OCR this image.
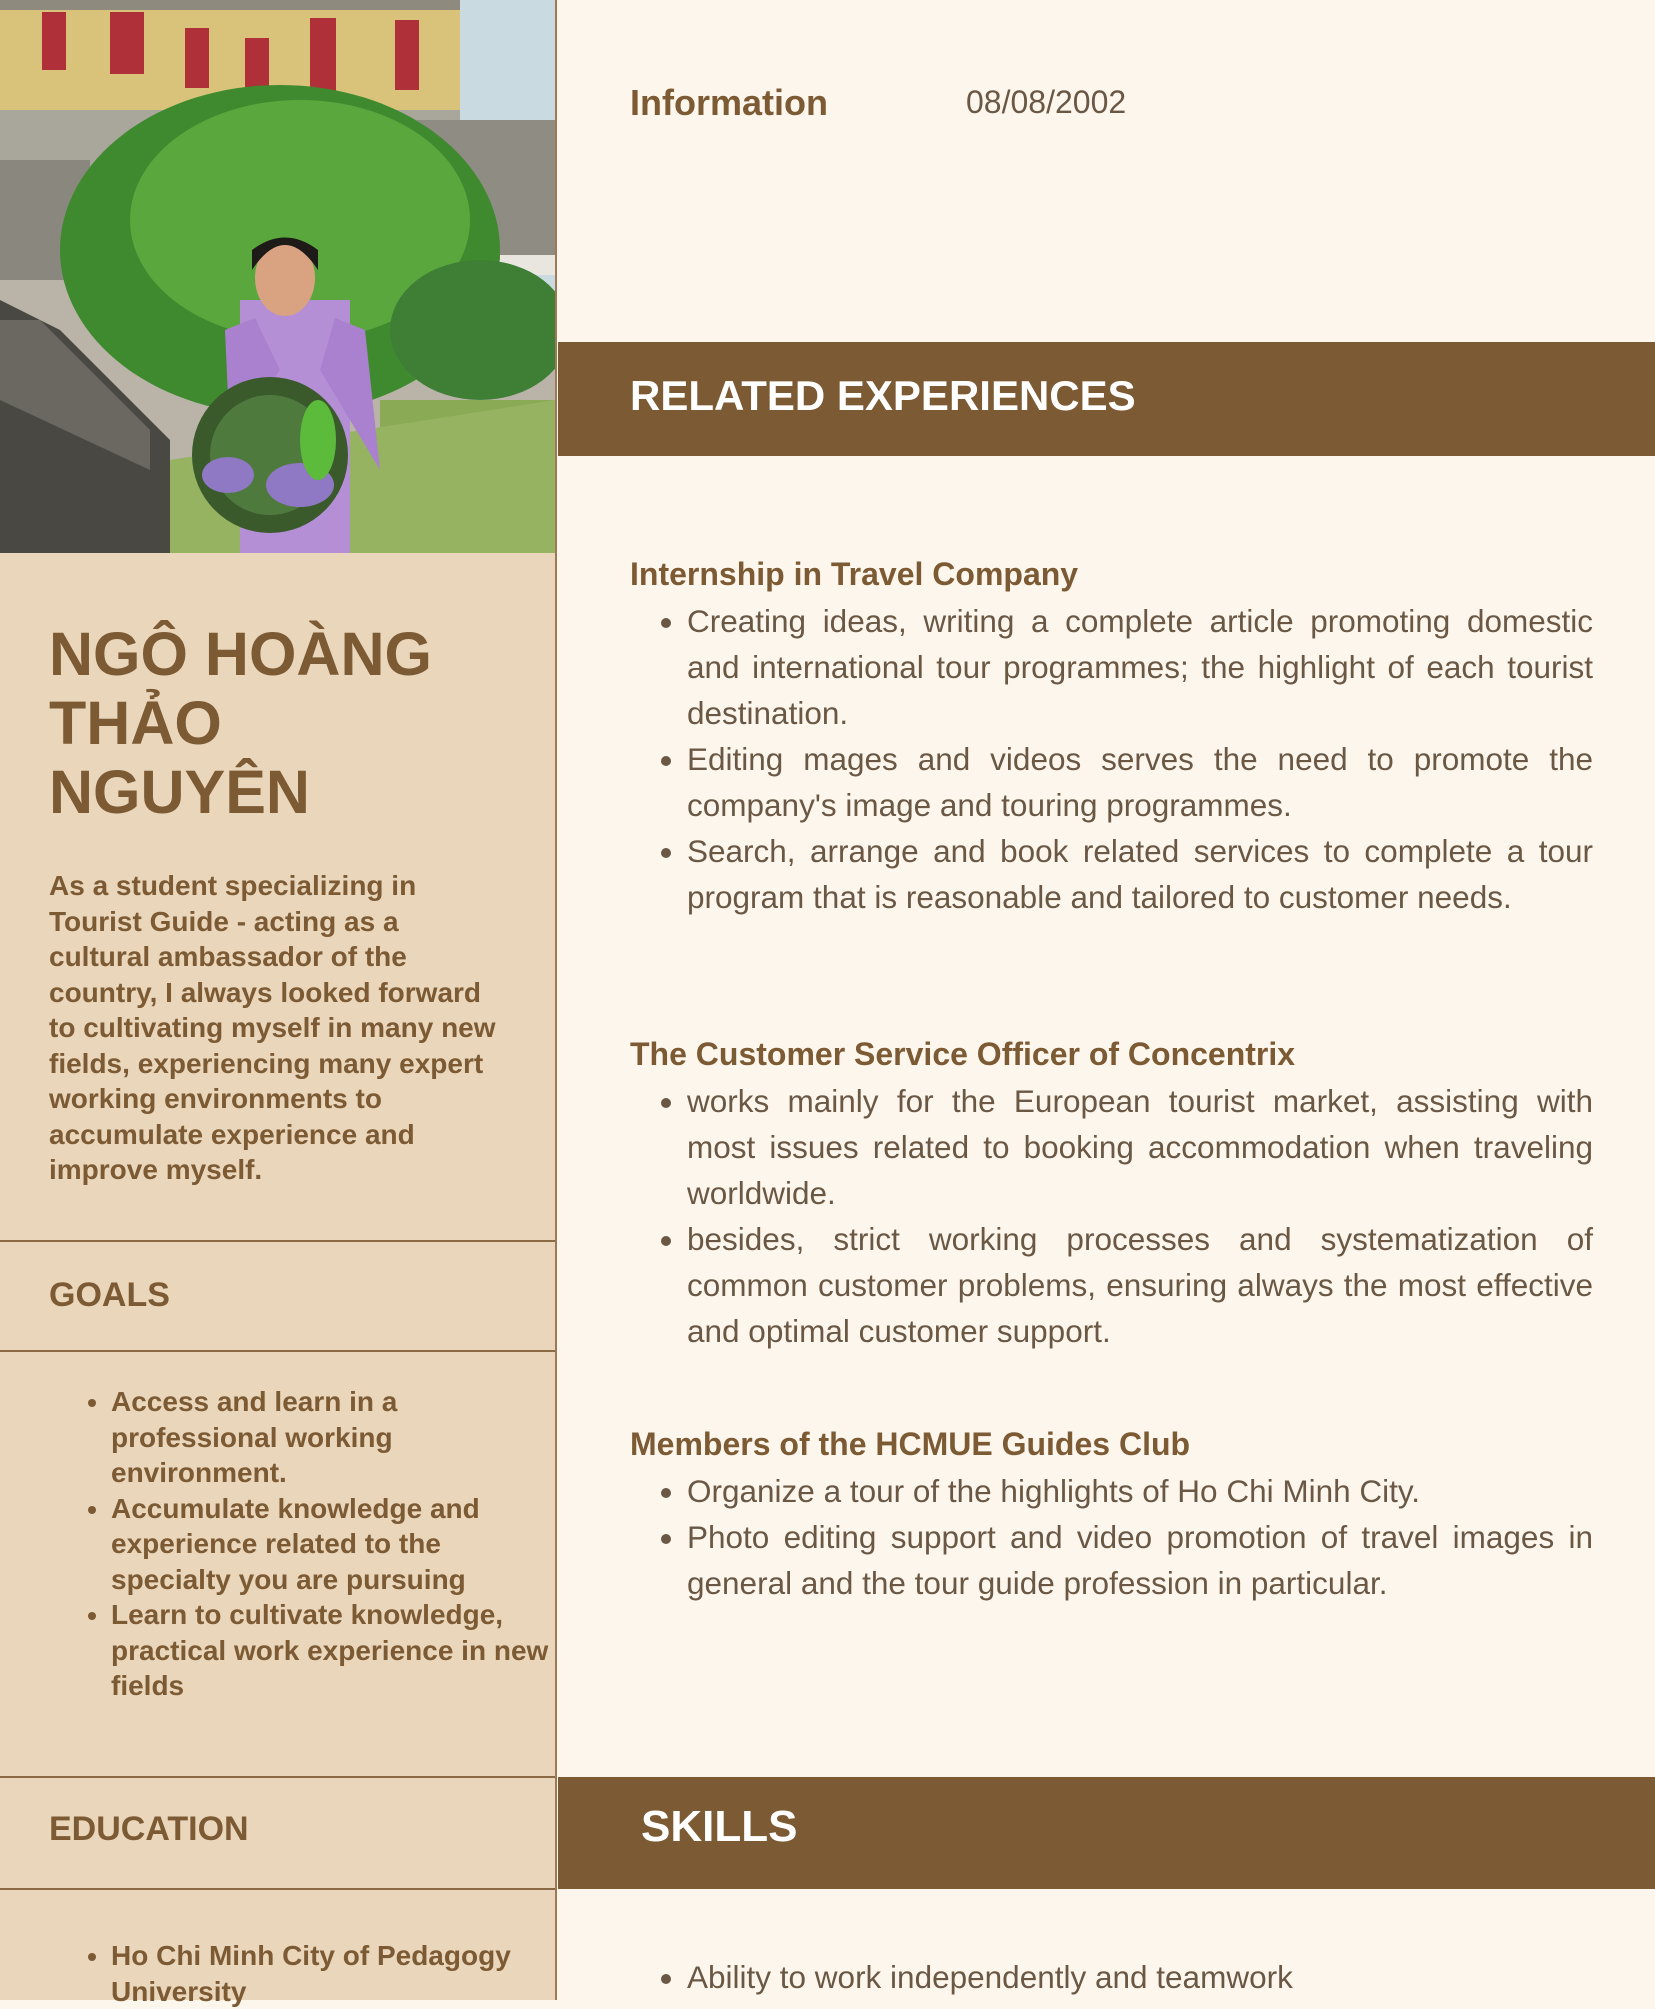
NGÔ HOÀNG
THẢO
NGUYÊN

As a student specializing in Tourist Guide - acting as a cultural ambassador of the country, I always looked forward to cultivating myself in many new fields, experiencing many expert working environments to accumulate experience and improve myself.

GOALS
• Access and learn in a professional working environment.
• Accumulate knowledge and experience related to the specialty you are pursuing
• Learn to cultivate knowledge, practical work experience in new fields
EDUCATION
• Ho Chi Minh City of Pedagogy University
Information	08/08/2002
RELATED EXPERIENCES
Internship in Travel Company
• Creating ideas, writing a complete article promoting domestic and international tour programmes; the highlight of each tourist destination.
• Editing mages and videos serves the need to promote the company's image and touring programmes.
• Search, arrange and book related services to complete a tour program that is reasonable and tailored to customer needs.
The Customer Service Officer of Concentrix
• works mainly for the European tourist market, assisting with most issues related to booking accommodation when traveling worldwide.
• besides, strict working processes and systematization of common customer problems, ensuring always the most effective and optimal customer support.
Members of the HCMUE Guides Club
• Organize a tour of the highlights of Ho Chi Minh City.
• Photo editing support and video promotion of travel images in general and the tour guide profession in particular.
SKILLS
• Ability to work independently and teamwork
